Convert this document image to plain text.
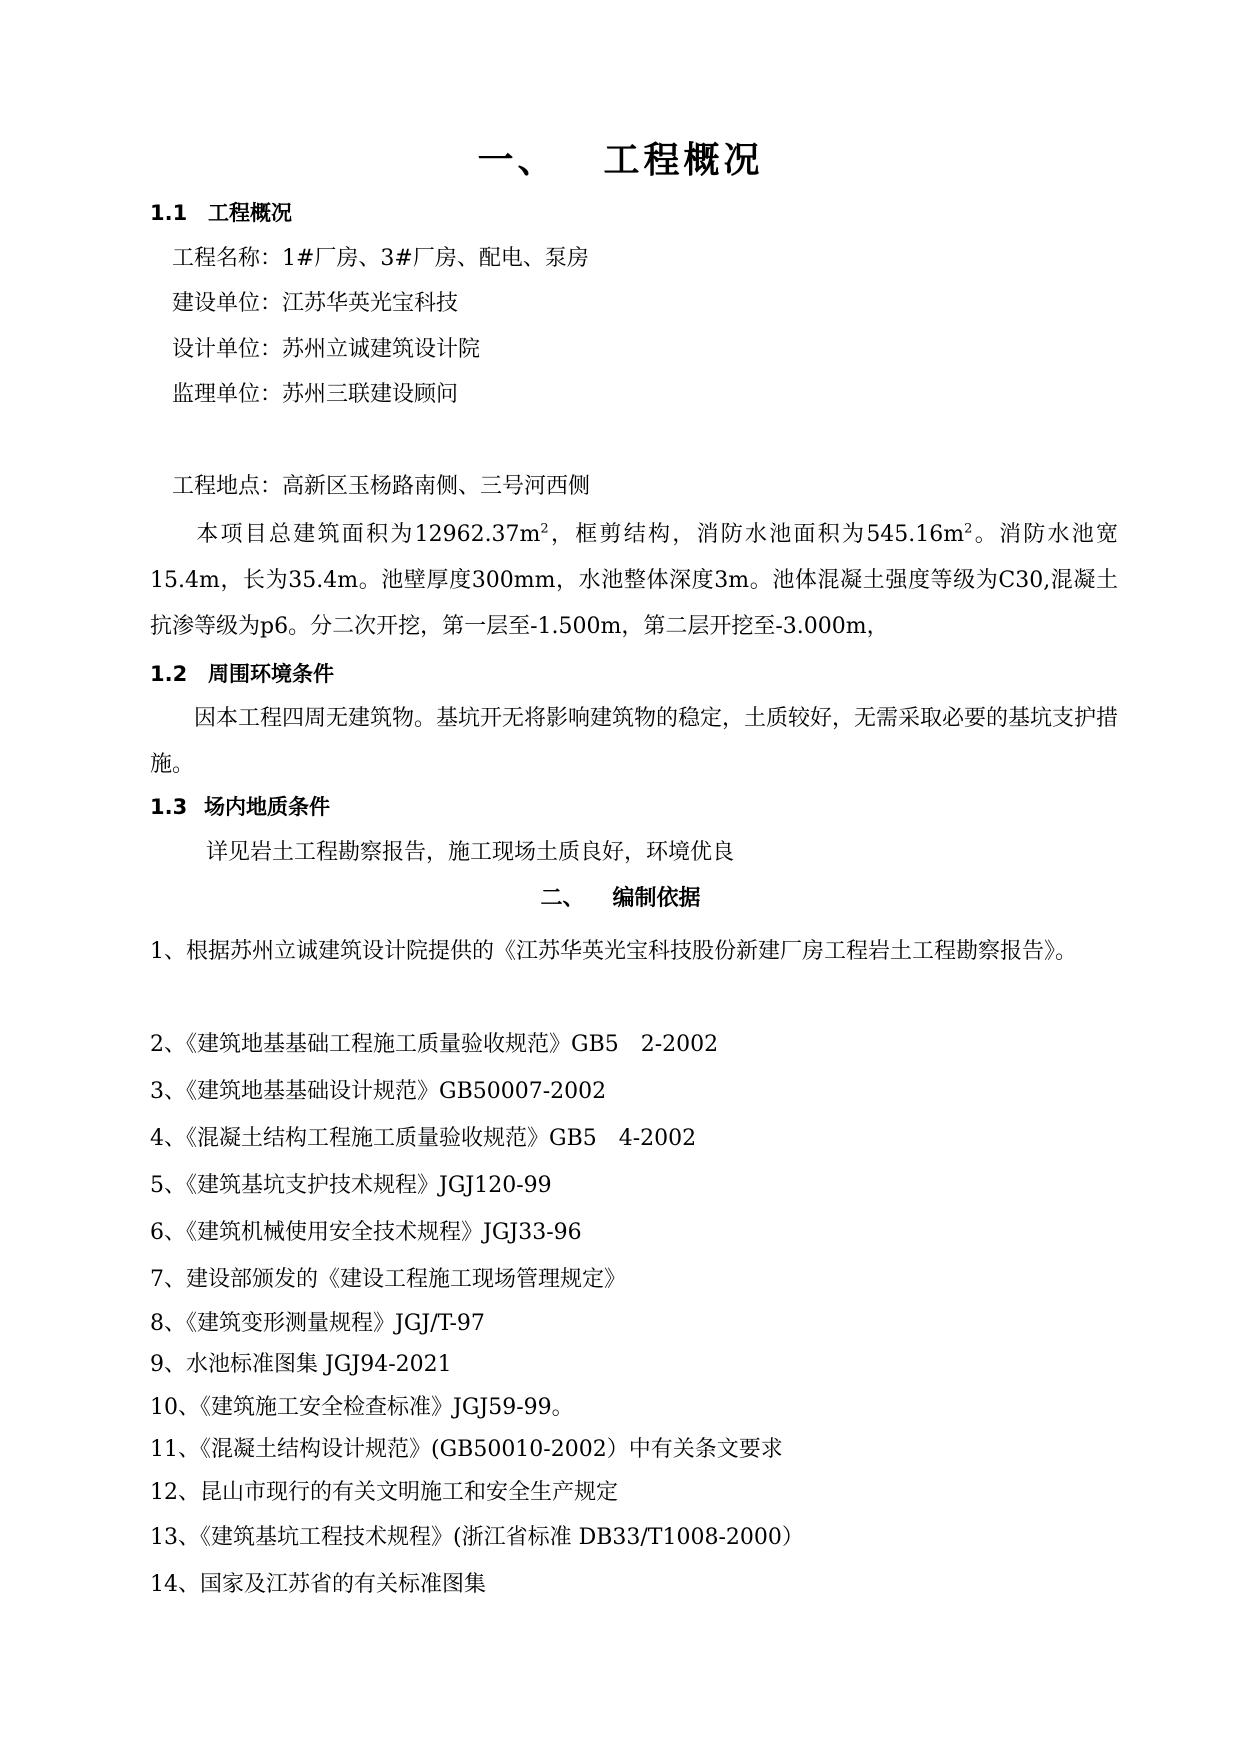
一、 工程概况
1.1 工程概况
工程名称：1#厂房、3#厂房、配电、泵房
建设单位：江苏华英光宝科技
设计单位：苏州立诚建筑设计院
监理单位：苏州三联建设顾问
工程地点：高新区玉杨路南侧、三号河西侧
本项目总建筑面积为$12962.37m^2$，框剪结构，消防水池面积为$545.16m^2$。消防水池宽15.4m，长为35.4m。池壁厚度300mm，水池整体深度3m。池体混凝土强度等级为C30,混凝土抗渗等级为p6。分二次开挖，第一层至-1.500m，第二层开挖至-3.000m，
1.2 周围环境条件
因本工程四周无建筑物。基坑开无将影响建筑物的稳定，土质较好，无需采取必要的基坑支护措施。
1.3 场内地质条件
详见岩土工程勘察报告，施工现场土质良好，环境优良
二、 编制依据
1、根据苏州立诚建筑设计院提供的《江苏华英光宝科技股份新建厂房工程岩土工程勘察报告》。
2、《建筑地基基础工程施工质量验收规范》GB5　2-2002
3、《建筑地基基础设计规范》GB50007-2002
4、《混凝土结构工程施工质量验收规范》GB5　4-2002
5、《建筑基坑支护技术规程》JGJ120-99
6、《建筑机械使用安全技术规程》JGJ33-96
7、建设部颁发的《建设工程施工现场管理规定》
8、《建筑变形测量规程》JGJ/T-97
9、水池标准图集 JGJ94-2021
10、《建筑施工安全检查标准》JGJ59-99。
11、《混凝土结构设计规范》(GB50010-2002）中有关条文要求
12、昆山市现行的有关文明施工和安全生产规定
13、《建筑基坑工程技术规程》(浙江省标准 DB33/T1008-2000）
14、国家及江苏省的有关标准图集
